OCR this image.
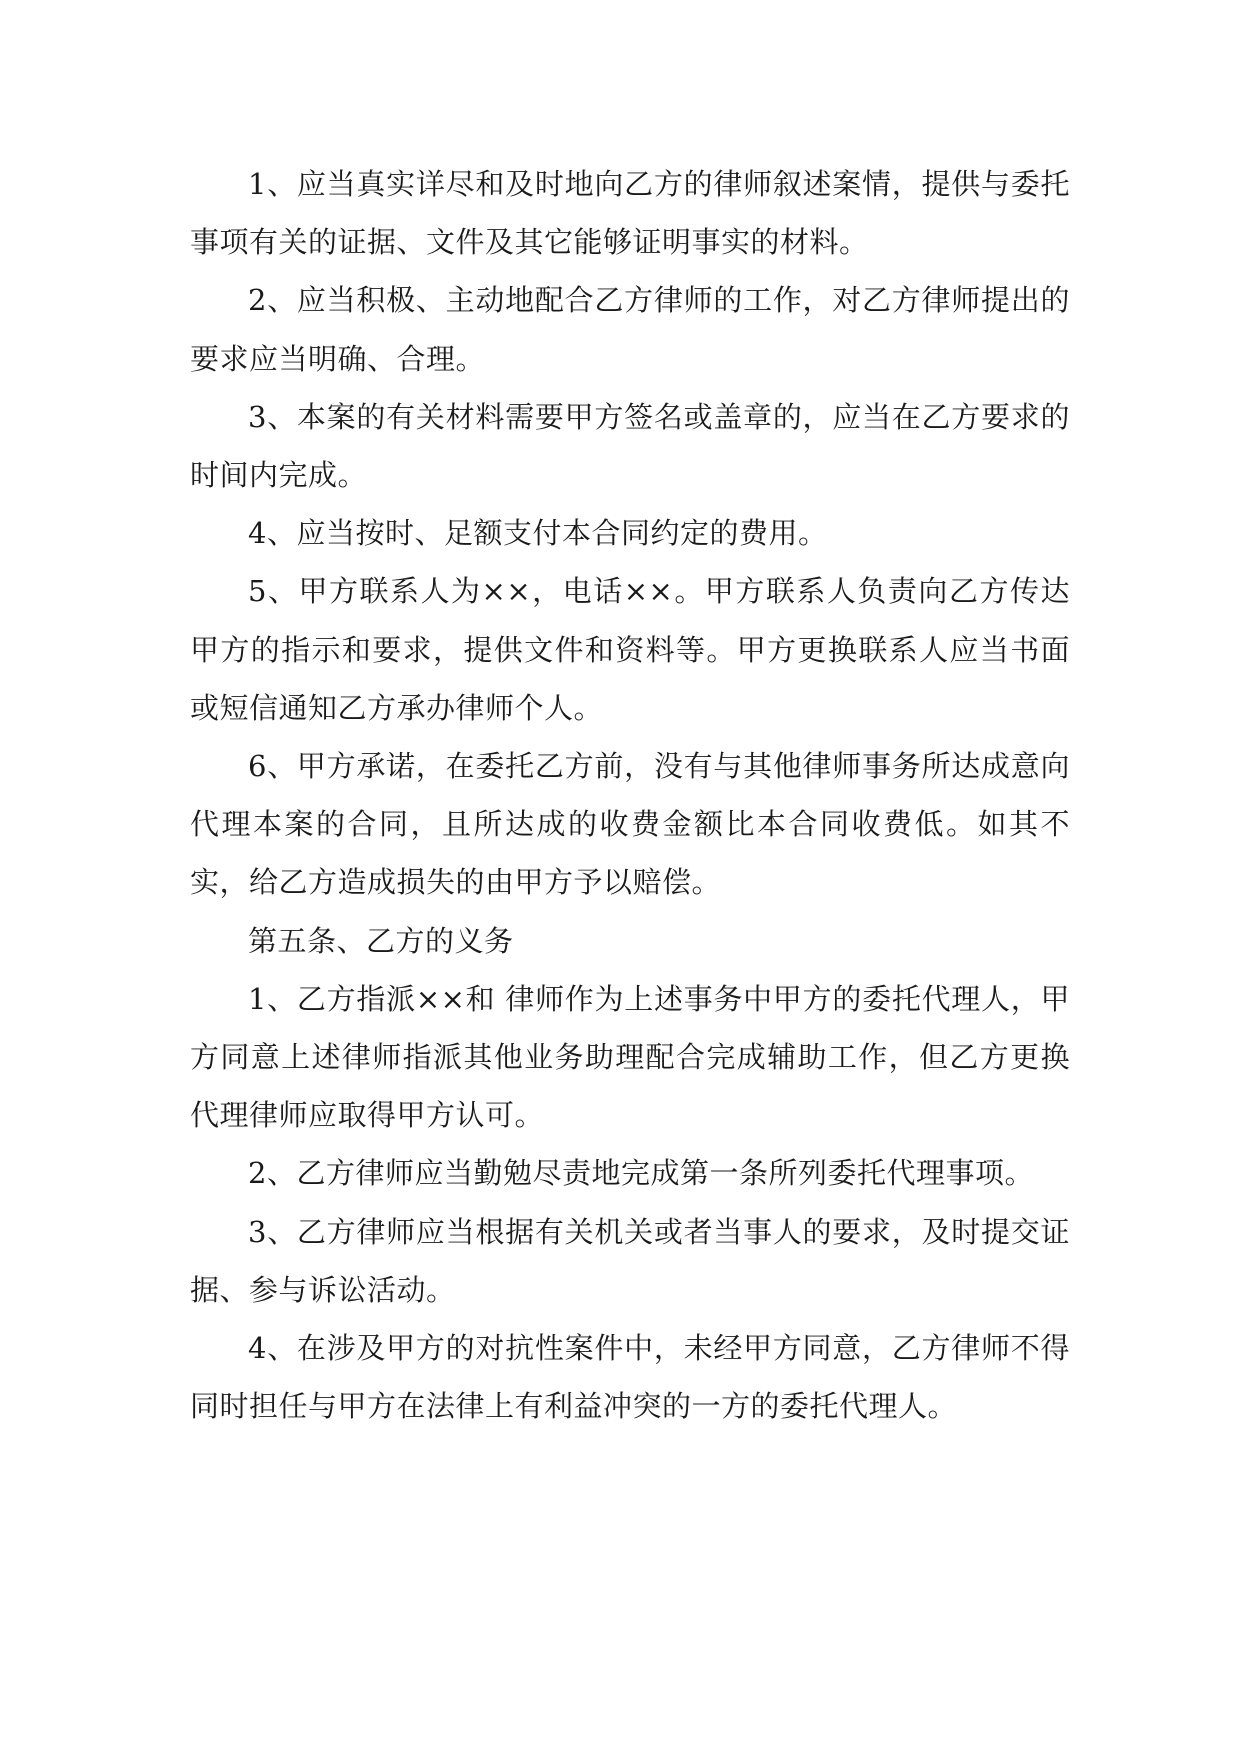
1、应当真实详尽和及时地向乙方的律师叙述案情，提供与委托事项有关的证据、文件及其它能够证明事实的材料。

2、应当积极、主动地配合乙方律师的工作，对乙方律师提出的要求应当明确、合理。

3、本案的有关材料需要甲方签名或盖章的，应当在乙方要求的时间内完成。

4、应当按时、足额支付本合同约定的费用。

5、甲方联系人为××，电话××。甲方联系人负责向乙方传达甲方的指示和要求，提供文件和资料等。甲方更换联系人应当书面或短信通知乙方承办律师个人。

6、甲方承诺，在委托乙方前，没有与其他律师事务所达成意向代理本案的合同，且所达成的收费金额比本合同收费低。如其不实，给乙方造成损失的由甲方予以赔偿。

第五条、乙方的义务

1、乙方指派××和 律师作为上述事务中甲方的委托代理人，甲方同意上述律师指派其他业务助理配合完成辅助工作，但乙方更换代理律师应取得甲方认可。

2、乙方律师应当勤勉尽责地完成第一条所列委托代理事项。

3、乙方律师应当根据有关机关或者当事人的要求，及时提交证据、参与诉讼活动。

4、在涉及甲方的对抗性案件中，未经甲方同意，乙方律师不得同时担任与甲方在法律上有利益冲突的一方的委托代理人。
